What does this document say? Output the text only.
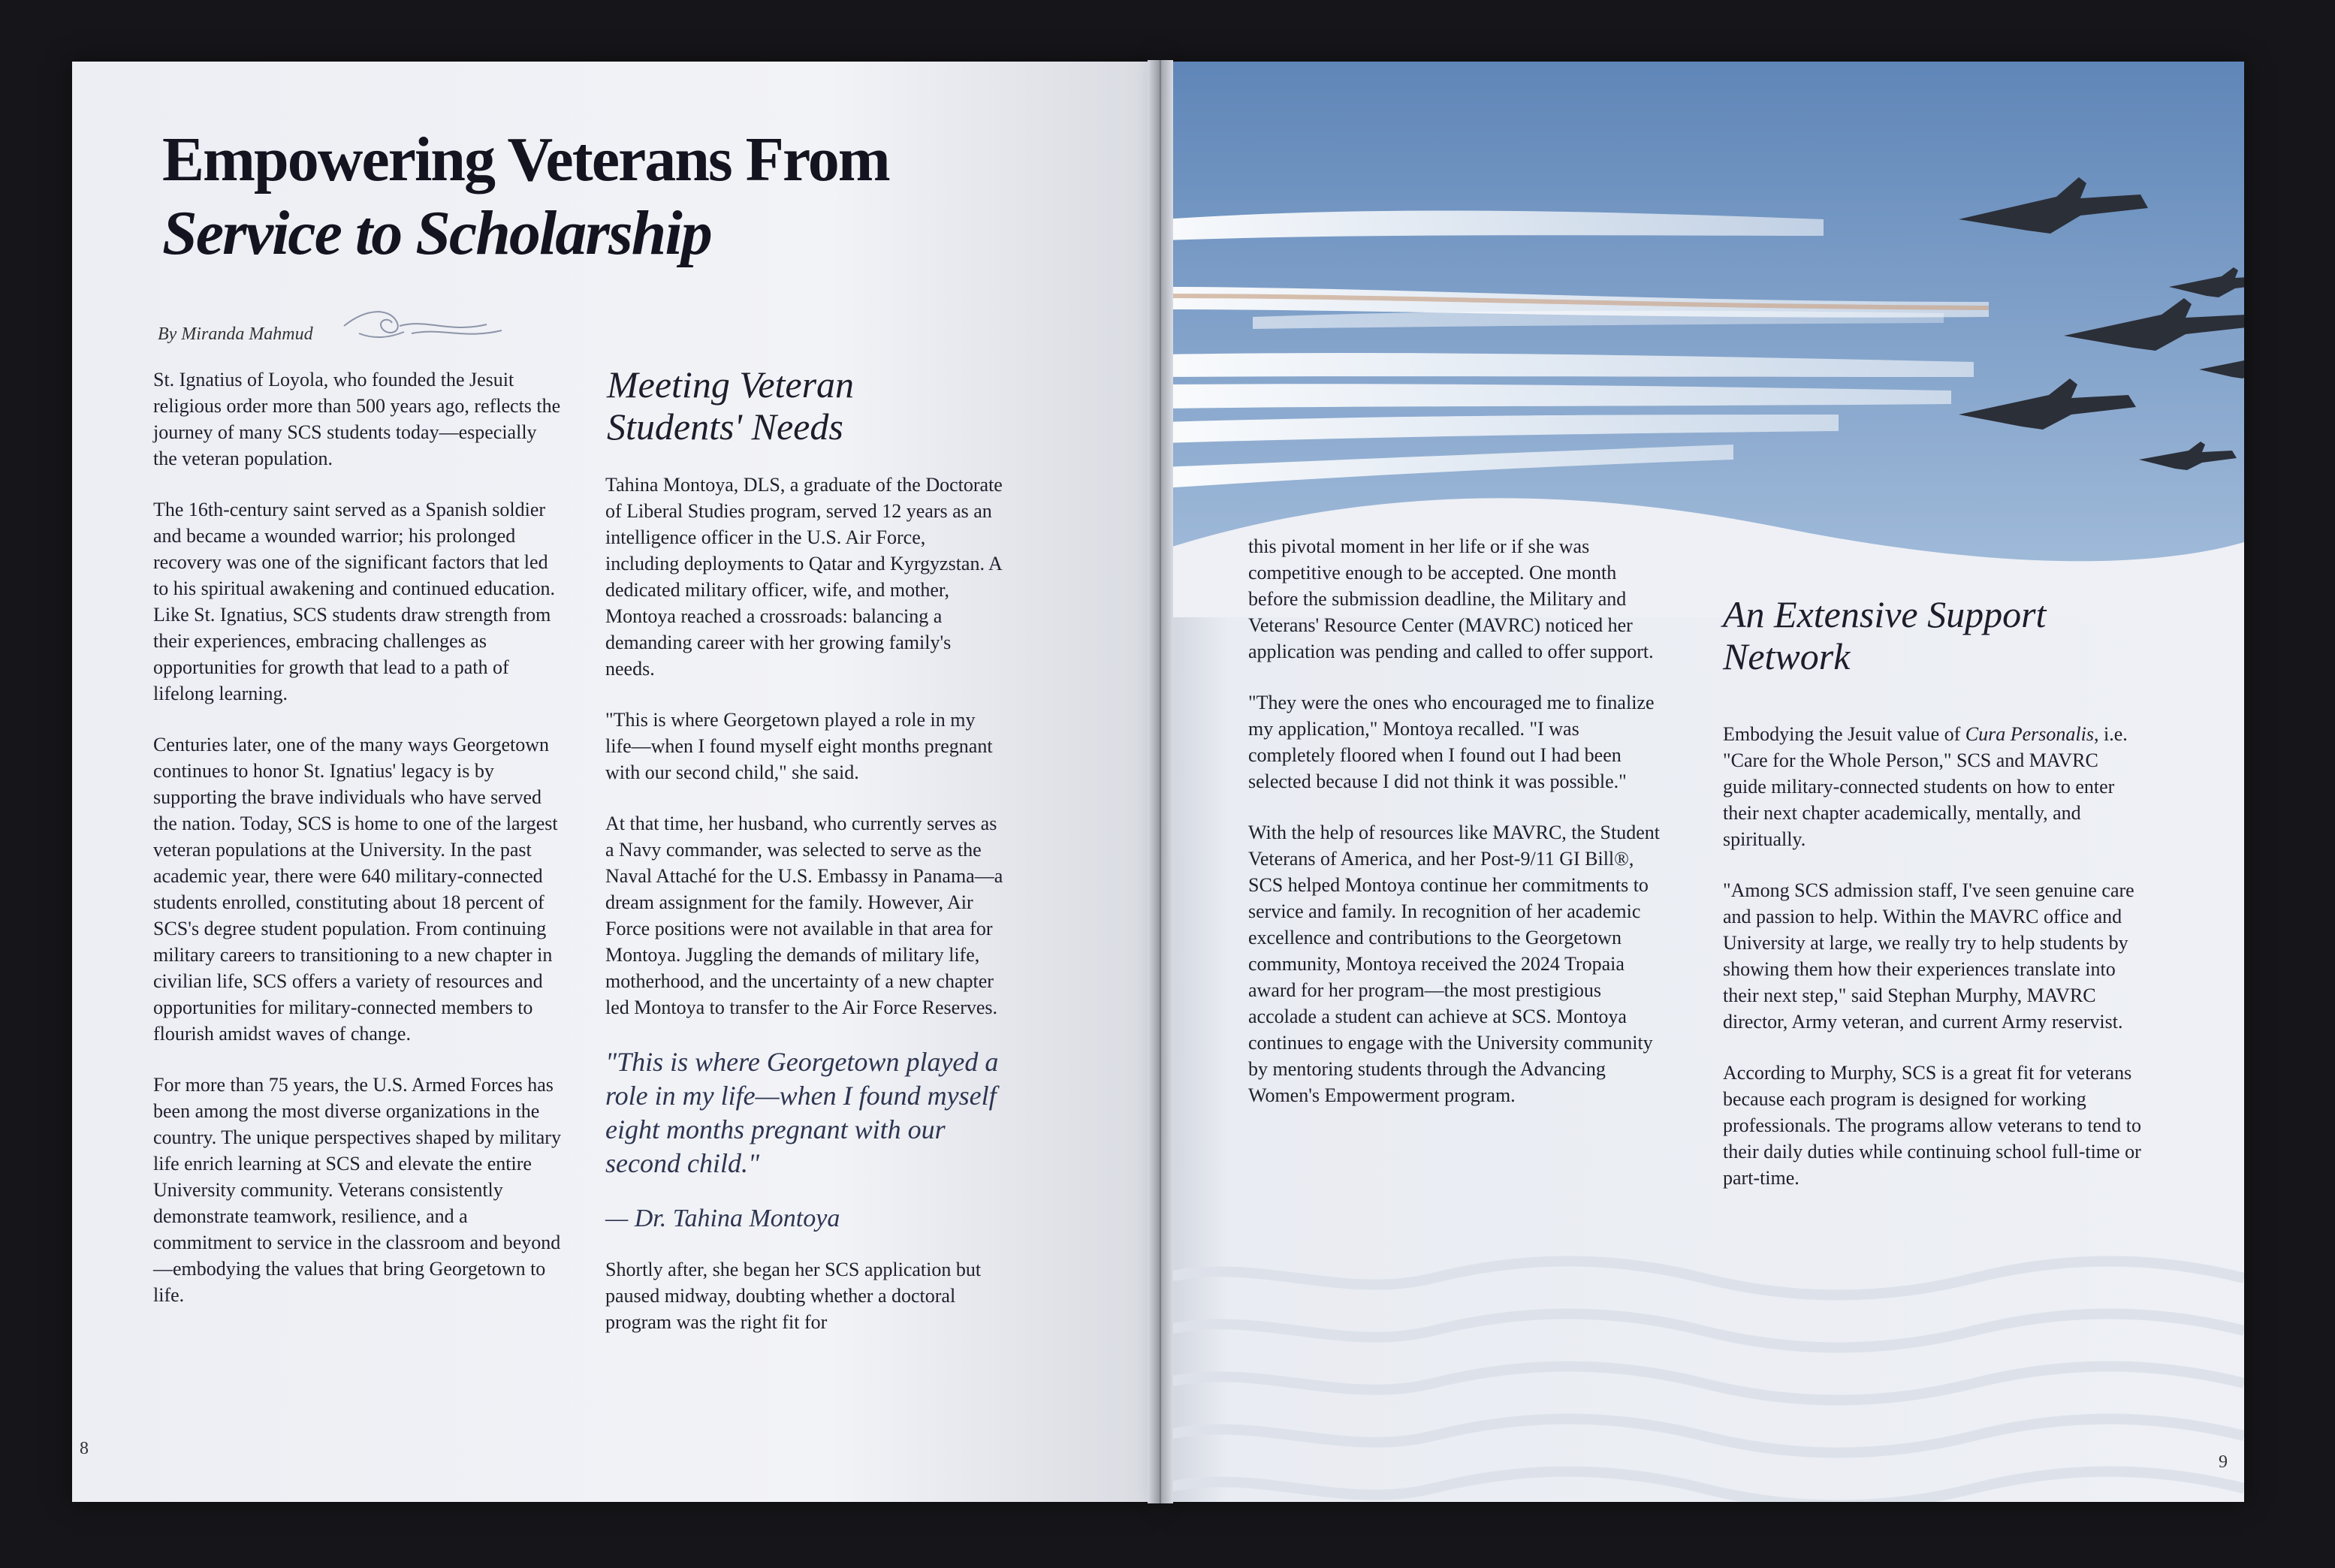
Empowering Veterans From
Service to Scholarship
By Miranda Mahmud

St. Ignatius of Loyola, who founded the Jesuit religious order more than 500 years ago, reflects the journey of many SCS students today—especially the veteran population.

The 16th-century saint served as a Spanish soldier and became a wounded warrior; his prolonged recovery was one of the significant factors that led to his spiritual awakening and continued education. Like St. Ignatius, SCS students draw strength from their experiences, embracing challenges as opportunities for growth that lead to a path of lifelong learning.

Centuries later, one of the many ways Georgetown continues to honor St. Ignatius' legacy is by supporting the brave individuals who have served the nation. Today, SCS is home to one of the largest veteran populations at the University. In the past academic year, there were 640 military-connected students enrolled, constituting about 18 percent of SCS's degree student population. From continuing military careers to transitioning to a new chapter in civilian life, SCS offers a variety of resources and opportunities for military-connected members to flourish amidst waves of change.

For more than 75 years, the U.S. Armed Forces has been among the most diverse organizations in the country. The unique perspectives shaped by military life enrich learning at SCS and elevate the entire University community. Veterans consistently demonstrate teamwork, resilience, and a commitment to service in the classroom and beyond—embodying the values that bring Georgetown to life.

Meeting Veteran
Students' Needs

Tahina Montoya, DLS, a graduate of the Doctorate of Liberal Studies program, served 12 years as an intelligence officer in the U.S. Air Force, including deployments to Qatar and Kyrgyzstan. A dedicated military officer, wife, and mother, Montoya reached a crossroads: balancing a demanding career with her growing family's needs.

"This is where Georgetown played a role in my life—when I found myself eight months pregnant with our second child," she said.

At that time, her husband, who currently serves as a Navy commander, was selected to serve as the Naval Attaché for the U.S. Embassy in Panama—a dream assignment for the family. However, Air Force positions were not available in that area for Montoya. Juggling the demands of military life, motherhood, and the uncertainty of a new chapter led Montoya to transfer to the Air Force Reserves.

"This is where Georgetown played a role in my life—when I found myself eight months pregnant with our second child."

— Dr. Tahina Montoya

Shortly after, she began her SCS application but paused midway, doubting whether a doctoral program was the right fit for

this pivotal moment in her life or if she was competitive enough to be accepted. One month before the submission deadline, the Military and Veterans' Resource Center (MAVRC) noticed her application was pending and called to offer support.

"They were the ones who encouraged me to finalize my application," Montoya recalled. "I was completely floored when I found out I had been selected because I did not think it was possible."

With the help of resources like MAVRC, the Student Veterans of America, and her Post-9/11 GI Bill®, SCS helped Montoya continue her commitments to service and family. In recognition of her academic excellence and contributions to the Georgetown community, Montoya received the 2024 Tropaia award for her program—the most prestigious accolade a student can achieve at SCS. Montoya continues to engage with the University community by mentoring students through the Advancing Women's Empowerment program.

An Extensive Support
Network

Embodying the Jesuit value of Cura Personalis, i.e. "Care for the Whole Person," SCS and MAVRC guide military-connected students on how to enter their next chapter academically, mentally, and spiritually.

"Among SCS admission staff, I've seen genuine care and passion to help. Within the MAVRC office and University at large, we really try to help students by showing them how their experiences translate into their next step," said Stephan Murphy, MAVRC director, Army veteran, and current Army reservist.

According to Murphy, SCS is a great fit for veterans because each program is designed for working professionals. The programs allow veterans to tend to their daily duties while continuing school full-time or part-time.

8
9
